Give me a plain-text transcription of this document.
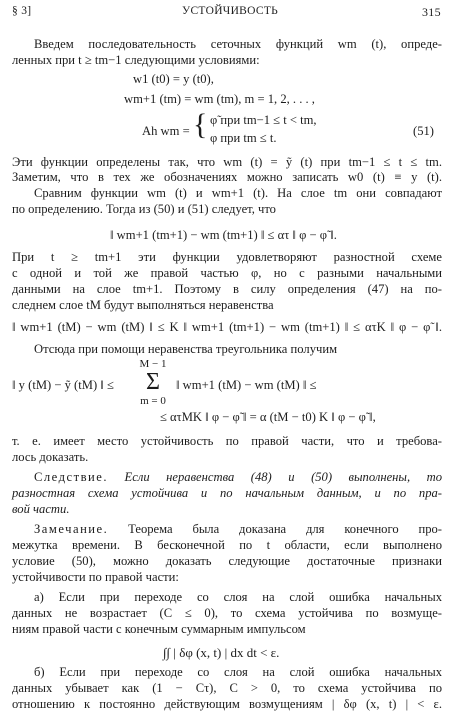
§ 3]	УСТОЙЧИВОСТЬ	315
Введем последовательность сеточных функций wm (t), опреде-
ленных при t ≥ tm−1 следующими условиями:
w1 (t0) = y (t0),
wm+1 (tm) = wm (tm), m = 1, 2, . . . ,
Ah wm = { φ̃ при tm−1 ≤ t < tm,
φ при tm ≤ t.	(51)
Эти функции определены так, что wm (t) = ỹ (t) при tm−1 ≤ t ≤ tm.
Заметим, что в тех же обозначениях можно записать w0 (t) ≡ y (t).
Сравним функции wm (t) и wm+1 (t). На слое tm они совпадают
по определению. Тогда из (50) и (51) следует, что
‖ wm+1 (tm+1) − wm (tm+1) ‖ ≤ ατ ‖ φ − φ̃ ‖.
При t ≥ tm+1 эти функции удовлетворяют разностной схеме
с одной и той же правой частью φ, но с разными начальными
данными на слое tm+1. Поэтому в силу определения (47) на по-
следнем слое tM будут выполняться неравенства
‖ wm+1 (tM) − wm (tM) ‖ ≤ K ‖ wm+1 (tm+1) − wm (tm+1) ‖ ≤ ατK ‖ φ − φ̃ ‖.
Отсюда при помощи неравенства треугольника получим
‖ y (tM) − ỹ (tM) ‖ ≤
M − 1
Σ
m = 0
‖ wm+1 (tM) − wm (tM) ‖ ≤
≤ ατMK ‖ φ − φ̃ ‖ = α (tM − t0) K ‖ φ − φ̃ ‖,
т. е. имеет место устойчивость по правой части, что и требова-
лось доказать.
Следствие. Если неравенства (48) и (50) выполнены, то
разностная схема устойчива и по начальным данным, и по пра-
вой части.
Замечание. Теорема была доказана для конечного про-
межутка времени. В бесконечной по t области, если выполнено
условие (50), можно доказать следующие достаточные признаки
устойчивости по правой части:
а) Если при переходе со слоя на слой ошибка начальных
данных не возрастает (C ≤ 0), то схема устойчива по возмуще-
ниям правой части с конечным суммарным импульсом
∫∫ | δφ (x, t) | dx dt < ε.
б) Если при переходе со слоя на слой ошибка начальных
данных убывает как (1 − Cτ), C > 0, то схема устойчива по
отношению к постоянно действующим возмущениям | δφ (x, t) | < ε.
